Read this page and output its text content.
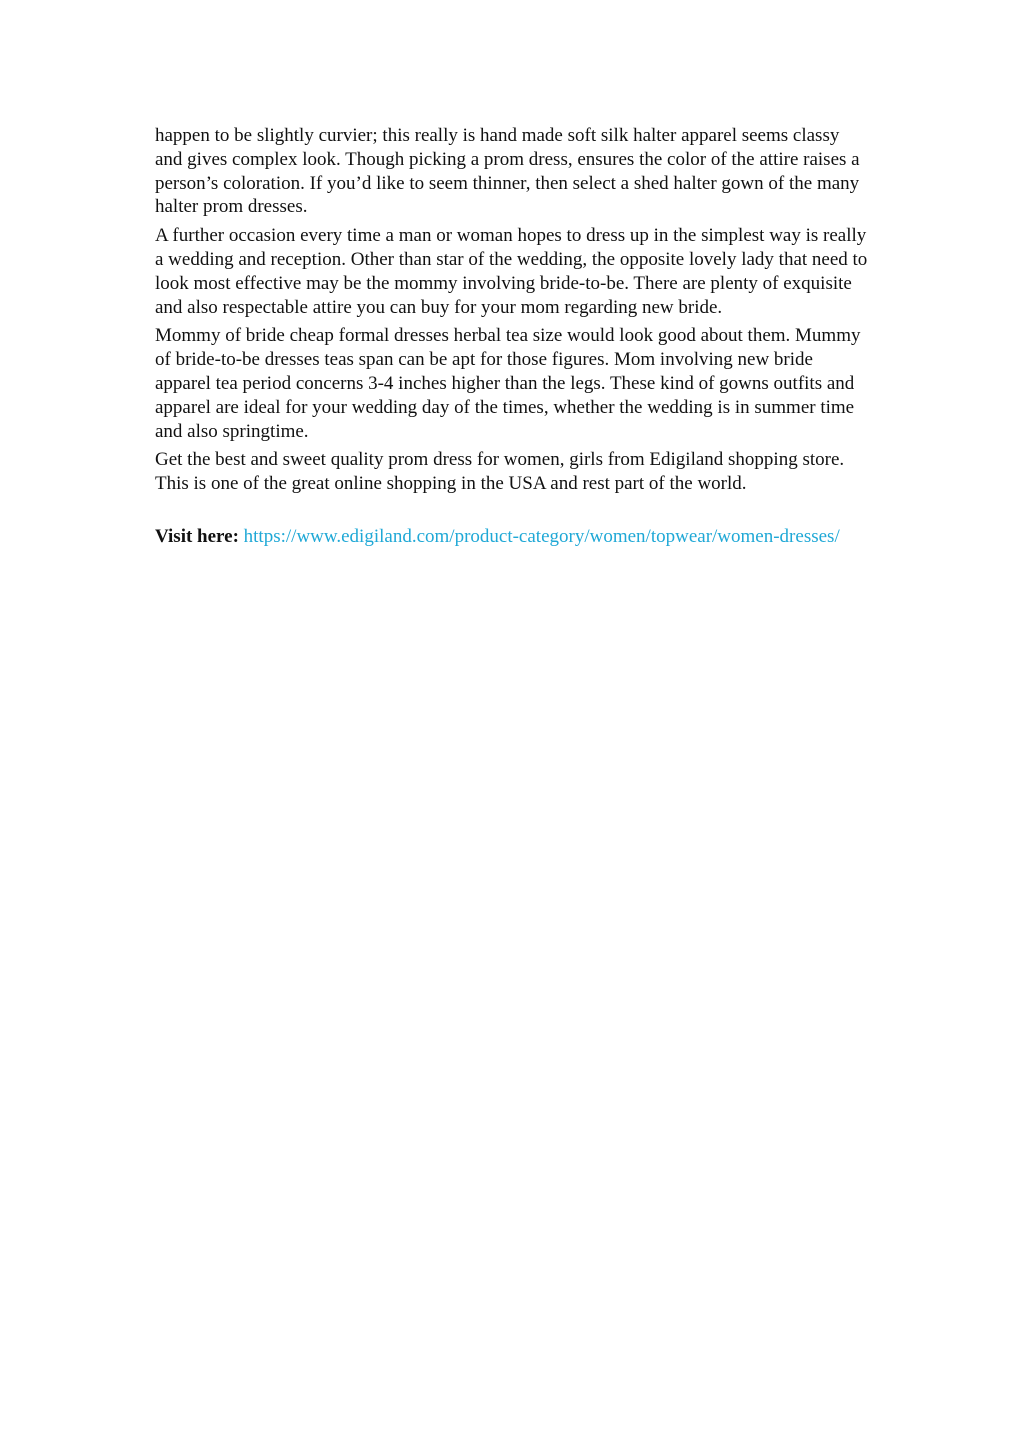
happen to be slightly curvier; this really is hand made soft silk halter apparel seems classy and gives complex look. Though picking a prom dress, ensures the color of the attire raises a person’s coloration. If you’d like to seem thinner, then select a shed halter gown of the many halter prom dresses.

A further occasion every time a man or woman hopes to dress up in the simplest way is really a wedding and reception. Other than star of the wedding, the opposite lovely lady that need to look most effective may be the mommy involving bride-to-be. There are plenty of exquisite and also respectable attire you can buy for your mom regarding new bride.

Mommy of bride cheap formal dresses herbal tea size would look good about them. Mummy of bride-to-be dresses teas span can be apt for those figures. Mom involving new bride apparel tea period concerns 3-4 inches higher than the legs. These kind of gowns outfits and apparel are ideal for your wedding day of the times, whether the wedding is in summer time and also springtime.

Get the best and sweet quality prom dress for women, girls from Edigiland shopping store. This is one of the great online shopping in the USA and rest part of the world.

Visit here: https://www.edigiland.com/product-category/women/topwear/women-dresses/
